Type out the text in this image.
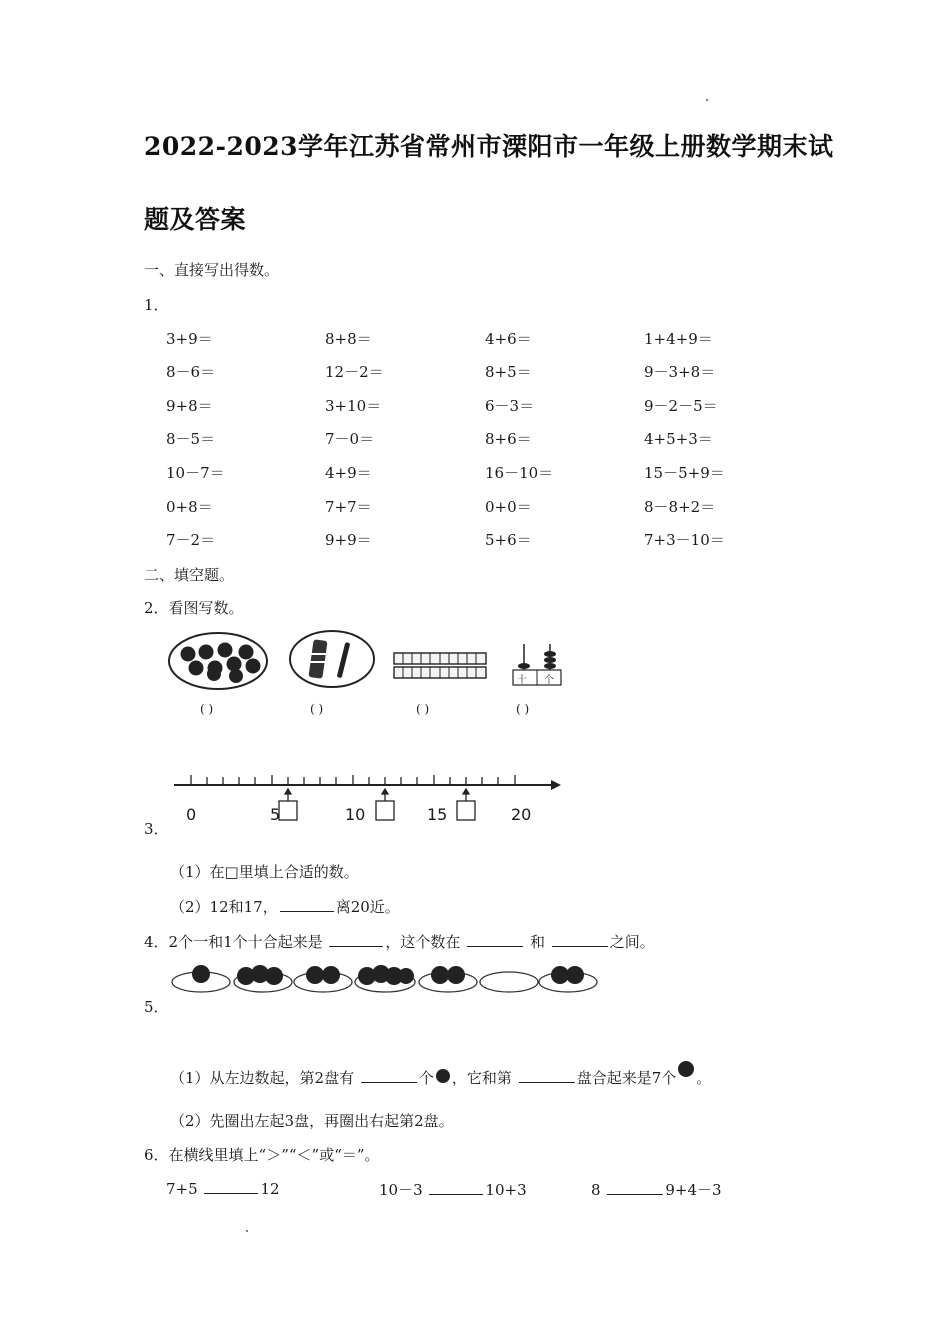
2022-2023学年江苏省常州市溧阳市一年级上册数学期末试
题及答案
一、直接写出得数。
1．
3+9＝	8+8＝	4+6＝	1+4+9＝
8－6＝	12－2＝	8+5＝	9－3+8＝
9+8＝	3+10＝	6－3＝	9－2－5＝
8－5＝	7－0＝	8+6＝	4+5+3＝
10－7＝	4+9＝	16－10＝	15－5+9＝
0+8＝	7+7＝	0+0＝	8－8+2＝
7－2＝	9+9＝	5+6＝	7+3－10＝
二、填空题。
2．看图写数。
十 个
( )	( )	( )	( )
0	5	10	15	20
3．
（1）在□里填上合适的数。
（2）12和17，	离20近。
4．2个一和1个十合起来是	，这个数在	和	之间。
5．
（1）从左边数起，第2盘有	个 ，它和第	盘合起来是7个 。
（2）先圈出左起3盘，再圈出右起第2盘。
6．在横线里填上“＞”“＜”或“＝”。
7+5	12	10－3	10+3	8	9+4－3
